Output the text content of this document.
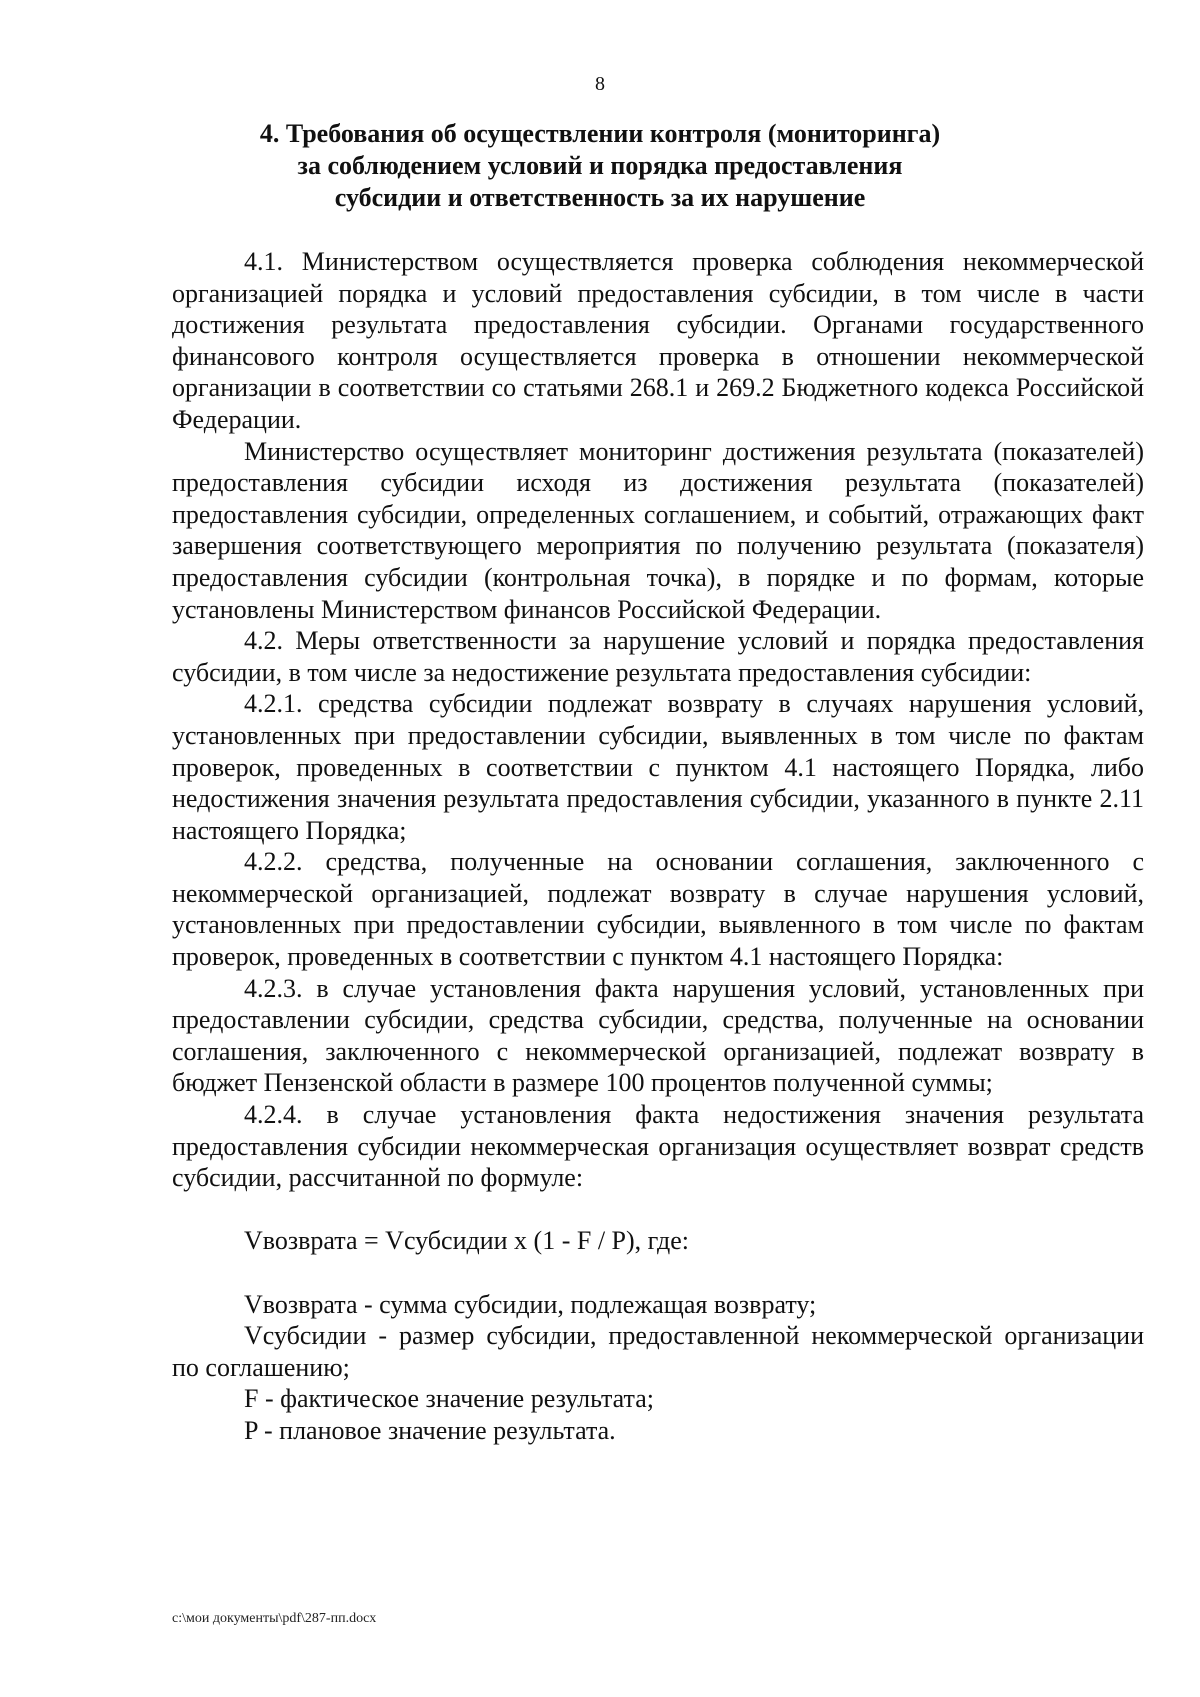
8
4. Требования об осуществлении контроля (мониторинга)
за соблюдением условий и порядка предоставления
субсидии и ответственность за их нарушение

4.1. Министерством осуществляется проверка соблюдения некоммерческой организацией порядка и условий предоставления субсидии, в том числе в части достижения результата предоставления субсидии. Органами государственного финансового контроля осуществляется проверка в отношении некоммерческой организации в соответствии со статьями 268.1 и 269.2 Бюджетного кодекса Российской Федерации.

Министерство осуществляет мониторинг достижения результата (показателей) предоставления субсидии исходя из достижения результата (показателей) предоставления субсидии, определенных соглашением, и событий, отражающих факт завершения соответствующего мероприятия по получению результата (показателя) предоставления субсидии (контрольная точка), в порядке и по формам, которые установлены Министерством финансов Российской Федерации.

4.2. Меры ответственности за нарушение условий и порядка предоставления субсидии, в том числе за недостижение результата предоставления субсидии:

4.2.1. средства субсидии подлежат возврату в случаях нарушения условий, установленных при предоставлении субсидии, выявленных в том числе по фактам проверок, проведенных в соответствии с пунктом 4.1 настоящего Порядка, либо недостижения значения результата предоставления субсидии, указанного в пункте 2.11 настоящего Порядка;

4.2.2. средства, полученные на основании соглашения, заключенного с некоммерческой организацией, подлежат возврату в случае нарушения условий, установленных при предоставлении субсидии, выявленного в том числе по фактам проверок, проведенных в соответствии с пунктом 4.1 настоящего Порядка:

4.2.3. в случае установления факта нарушения условий, установленных при предоставлении субсидии, средства субсидии, средства, полученные на основании соглашения, заключенного с некоммерческой организацией, подлежат возврату в бюджет Пензенской области в размере 100 процентов полученной суммы;

4.2.4. в случае установления факта недостижения значения результата предоставления субсидии некоммерческая организация осуществляет возврат средств субсидии, рассчитанной по формуле:

Vвозврата = Vсубсидии x (1 - F / P), где:

Vвозврата - сумма субсидии, подлежащая возврату;

Vсубсидии - размер субсидии, предоставленной некоммерческой организации по соглашению;

F - фактическое значение результата;

P - плановое значение результата.

c:\мои документы\pdf\287-пп.docx
